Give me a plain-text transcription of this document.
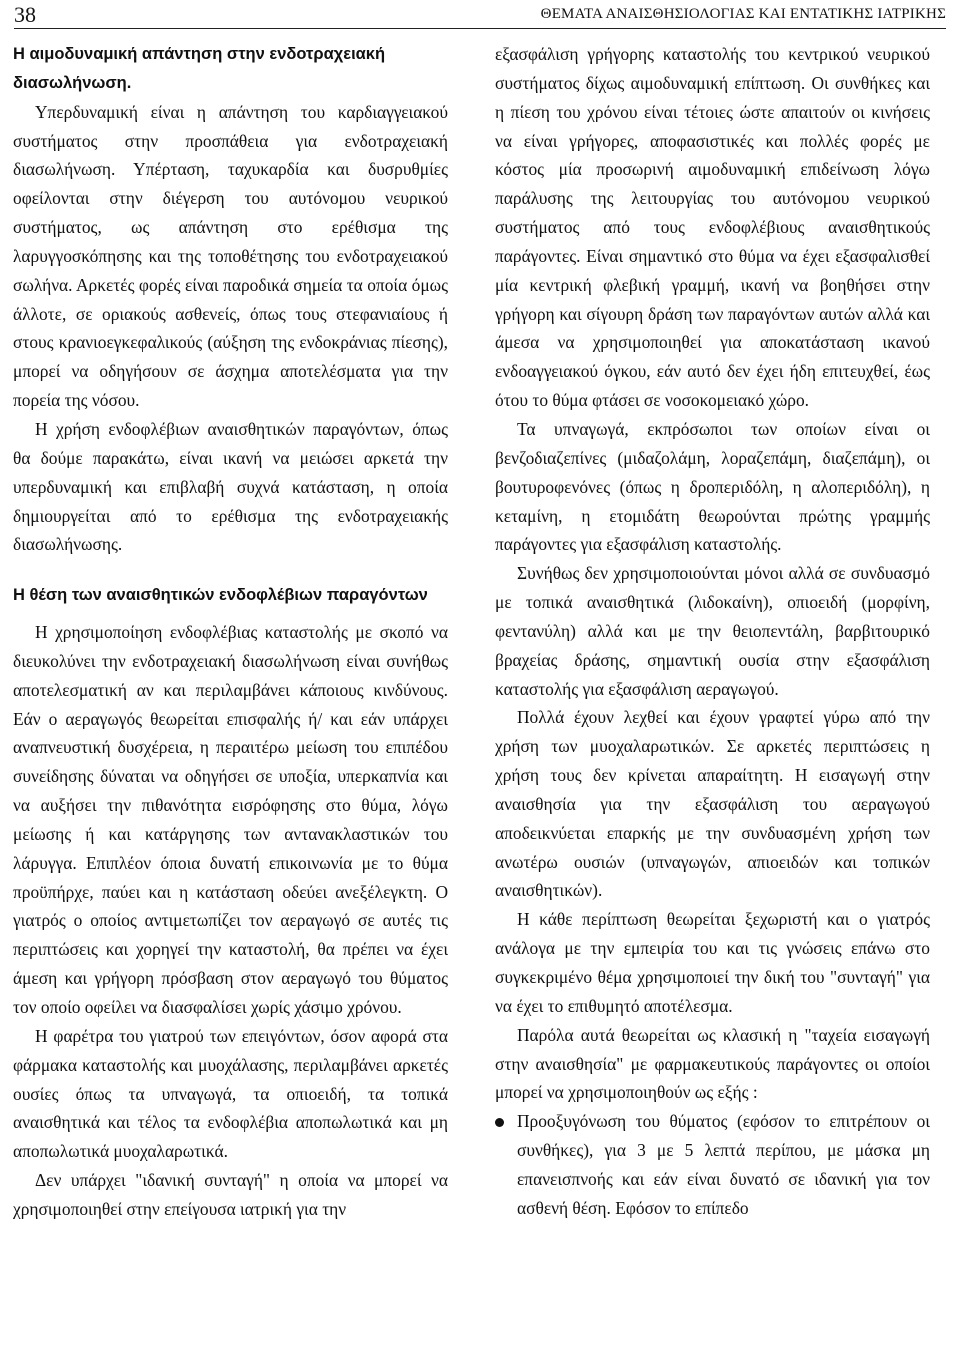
38	ΘΕΜΑΤΑ ΑΝΑΙΣΘΗΣΙΟΛΟΓΙΑΣ ΚΑΙ ΕΝΤΑΤΙΚΗΣ ΙΑΤΡΙΚΗΣ
Η αιμοδυναμική απάντηση στην ενδοτραχειακή διασωλήνωση.

Υπερδυναμική είναι η απάντηση του καρδιαγγειακού συστήματος στην προσπάθεια για ενδοτραχειακή διασωλήνωση. Υπέρταση, ταχυκαρδία και δυσρυθμίες οφείλονται στην διέγερση του αυτόνομου νευρικού συστήματος, ως απάντηση στο ερέθισμα της λαρυγγοσκόπησης και της τοποθέτησης του ενδοτραχειακού σωλήνα. Αρκετές φορές είναι παροδικά σημεία τα οποία όμως άλλοτε, σε οριακούς ασθενείς, όπως τους στεφανιαίους ή στους κρανιοεγκεφαλικούς (αύξηση της ενδοκράνιας πίεσης), μπορεί να οδηγήσουν σε άσχημα αποτελέσματα για την πορεία της νόσου.

Η χρήση ενδοφλέβιων αναισθητικών παραγόντων, όπως θα δούμε παρακάτω, είναι ικανή να μειώσει αρκετά την υπερδυναμική και επιβλαβή συχνά κατάσταση, η οποία δημιουργείται από το ερέθισμα της ενδοτραχειακής διασωλήνωσης.

Η θέση των αναισθητικών ενδοφλέβιων παραγόντων

Η χρησιμοποίηση ενδοφλέβιας καταστολής με σκοπό να διευκολύνει την ενδοτραχειακή διασωλήνωση είναι συνήθως αποτελεσματική αν και περιλαμβάνει κάποιους κινδύνους. Εάν ο αεραγωγός θεωρείται επισφαλής ή/ και εάν υπάρχει αναπνευστική δυσχέρεια, η περαιτέρω μείωση του επιπέδου συνείδησης δύναται να οδηγήσει σε υποξία, υπερκαπνία και να αυξήσει την πιθανότητα εισρόφησης στο θύμα, λόγω μείωσης ή και κατάργησης των αντανακλαστικών του λάρυγγα. Επιπλέον όποια δυνατή επικοινωνία με το θύμα προϋπήρχε, παύει και η κατάσταση οδεύει ανεξέλεγκτη. Ο γιατρός ο οποίος αντιμετωπίζει τον αεραγωγό σε αυτές τις περιπτώσεις και χορηγεί την καταστολή, θα πρέπει να έχει άμεση και γρήγορη πρόσβαση στον αεραγωγό του θύματος τον οποίο οφείλει να διασφαλίσει χωρίς χάσιμο χρόνου.

Η φαρέτρα του γιατρού των επειγόντων, όσον αφορά στα φάρμακα καταστολής και μυοχάλασης, περιλαμβάνει αρκετές ουσίες όπως τα υπναγωγά, τα οπιοειδή, τα τοπικά αναισθητικά και τέλος τα ενδοφλέβια αποπωλωτικά και μη αποπωλωτικά μυοχαλαρωτικά.

Δεν υπάρχει "ιδανική συνταγή" η οποία να μπορεί να χρησιμοποιηθεί στην επείγουσα ιατρική για την

εξασφάλιση γρήγορης καταστολής του κεντρικού νευρικού συστήματος δίχως αιμοδυναμική επίπτωση. Οι συνθήκες και η πίεση του χρόνου είναι τέτοιες ώστε απαιτούν οι κινήσεις να είναι γρήγορες, αποφασιστικές και πολλές φορές με κόστος μία προσωρινή αιμοδυναμική επιδείνωση λόγω παράλυσης της λειτουργίας του αυτόνομου νευρικού συστήματος από τους ενδοφλέβιους αναισθητικούς παράγοντες. Είναι σημαντικό στο θύμα να έχει εξασφαλισθεί μία κεντρική φλεβική γραμμή, ικανή να βοηθήσει στην γρήγορη και σίγουρη δράση των παραγόντων αυτών αλλά και άμεσα να χρησιμοποιηθεί για αποκατάσταση ικανού ενδοαγγειακού όγκου, εάν αυτό δεν έχει ήδη επιτευχθεί, έως ότου το θύμα φτάσει σε νοσοκομειακό χώρο.

Τα υπναγωγά, εκπρόσωποι των οποίων είναι οι βενζοδιαζεπίνες (μιδαζολάμη, λοραζεπάμη, διαζεπάμη), οι βουτυροφενόνες (όπως η δροπεριδόλη, η αλοπεριδόλη), η κεταμίνη, η ετομιδάτη θεωρούνται πρώτης γραμμής παράγοντες για εξασφάλιση καταστολής.

Συνήθως δεν χρησιμοποιούνται μόνοι αλλά σε συνδυασμό με τοπικά αναισθητικά (λιδοκαίνη), οπιοειδή (μορφίνη, φεντανύλη) αλλά και με την θειοπεντάλη, βαρβιτουρικό βραχείας δράσης, σημαντική ουσία στην εξασφάλιση καταστολής για εξασφάλιση αεραγωγού.

Πολλά έχουν λεχθεί και έχουν γραφτεί γύρω από την χρήση των μυοχαλαρωτικών. Σε αρκετές περιπτώσεις η χρήση τους δεν κρίνεται απαραίτητη. Η εισαγωγή στην αναισθησία για την εξασφάλιση του αεραγωγού αποδεικνύεται επαρκής με την συνδυασμένη χρήση των ανωτέρω ουσιών (υπναγωγών, απιοειδών και τοπικών αναισθητικών).

Η κάθε περίπτωση θεωρείται ξεχωριστή και ο γιατρός ανάλογα με την εμπειρία του και τις γνώσεις επάνω στο συγκεκριμένο θέμα χρησιμοποιεί την δική του "συνταγή" για να έχει το επιθυμητό αποτέλεσμα.

Παρόλα αυτά θεωρείται ως κλασική η "ταχεία εισαγωγή στην αναισθησία" με φαρμακευτικούς παράγοντες οι οποίοι μπορεί να χρησιμοποιηθούν ως εξής :

Προοξυγόνωση του θύματος (εφόσον το επιτρέπουν οι συνθήκες), για 3 με 5 λεπτά περίπου, με μάσκα μη επανεισπνοής και εάν είναι δυνατό σε ιδανική για τον ασθενή θέση. Εφόσον το επίπεδο
